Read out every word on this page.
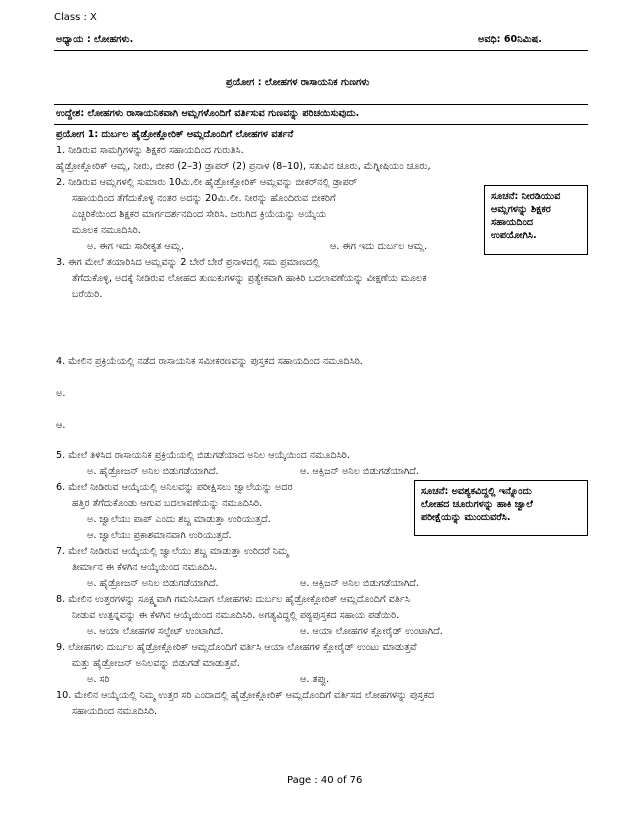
Class : X
ಅಧ್ಯಾಯ : ಲೋಹಗಳು.	ಅವಧಿ: 60ನಿಮಿಷ.
ಪ್ರಯೋಗ : ಲೋಹಗಳ ರಾಸಾಯನಿಕ ಗುಣಗಳು
ಉದ್ದೇಶ: ಲೋಹಗಳು ರಾಸಾಯನಿಕವಾಗಿ ಆಮ್ಲಗಳೊಂದಿಗೆ ವರ್ತಿಸುವ ಗುಣವನ್ನು ಪರಿಚಯಿಸುವುದು.
ಪ್ರಯೋಗ 1: ದುರ್ಬಲ ಹೈಡ್ರೋಕ್ಲೋರಿಕ್ ಆಮ್ಲದೊಂದಿಗೆ ಲೋಹಗಳ ವರ್ತನೆ
1. ನೀಡಿರುವ ಸಾಮಗ್ರಿಗಳನ್ನು ಶಿಕ್ಷಕರ ಸಹಾಯದಿಂದ ಗುರುತಿಸಿ.
ಹೈಡ್ರೋಕ್ಲೋರಿಕ್ ಆಮ್ಲ, ನೀರು, ಬೀಕರ (2–3) ಡ್ರಾಪರ್ (2) ಪ್ರನಾಳ (8–10), ಸತುವಿನ ಚೂರು, ಮೆಗ್ನೀಷಿಯಂ ಚೂರು,
2. ನೀಡಿರುವ ಆಮ್ಲಗಳಲ್ಲಿ ಸುಮಾರು 10ಮಿ.ಲೀ ಹೈಡ್ರೋಕ್ಲೋರಿಕ್ ಆಮ್ಲವನ್ನು ಬೀಕರ್‌ನಲ್ಲಿ ಡ್ರಾಪರ್
ಸಹಾಯದಿಂದ ತೆಗೆದುಕೊಳ್ಳಿ ನಂತರ ಅದನ್ನು 20ಮಿ.ಲೀ. ನೀರನ್ನು ಹೊಂದಿರುವ ಬೀಕರಿಗೆ
ಎಚ್ಚರಿಕೆಯಿಂದ ಶಿಕ್ಷಕರ ಮಾರ್ಗದರ್ಶನದಿಂದ ಸೇರಿಸಿ. ಜರುಗಿದ ಕ್ರಿಯೆಯನ್ನು ಅಯ್ಕೆಯ
ಮೂಲಕ ನಮೂದಿಸಿರಿ.
ಅ. ಈಗ ಇದು ಸಾರೀಕೃತ ಆಮ್ಲ.	ಆ. ಈಗ ಇದು ದುರ್ಬಲ ಆಮ್ಲ.
ಸೂಚನೆ: ನೀರಡಿಯುವ
ಆಮ್ಲಗಳನ್ನು ಶಿಕ್ಷಕರ
ಸಹಾಯದಿಂದ
ಉಪಯೋಗಿಸಿ.
3. ಈಗ ಮೇಲೆ ತಯಾರಿಸಿದ ಆಮ್ಲವನ್ನು 2 ಬೇರೆ ಬೇರೆ ಪ್ರನಾಳದಲ್ಲಿ ಸಮ ಪ್ರಮಾಣದಲ್ಲಿ
ತೆಗೆದುಕೊಳ್ಳಿ, ಅದಕ್ಕೆ ನೀಡಿರುವ ಲೋಹದ ತುಣುಕುಗಳನ್ನು ಪ್ರತ್ಯೇಕವಾಗಿ ಹಾಕಿರಿ ಬದಲಾವಣೆಯನ್ನು ವೀಕ್ಷಣೆಯ ಮೂಲಕ
ಬರೆಯಿರಿ.
4. ಮೇಲಿನ ಪ್ರಕ್ರಿಯೆಯಲ್ಲಿ ನಡೆದ ರಾಸಾಯನಿಕ ಸಮೀಕರಣವನ್ನು ಪುಸ್ತಕದ ಸಹಾಯದಿಂದ ನಮೂದಿಸಿರಿ.
ಅ.
ಆ.
5. ಮೇಲೆ ತಿಳಿಸಿದ ರಾಸಾಯನಿಕ ಪ್ರಕ್ರಿಯೆಯಲ್ಲಿ ಬಿಡುಗಡೆಯಾದ ಅನಿಲ ಆಯ್ಕೆಯಿಂದ ನಮೂದಿಸಿರಿ.
ಅ. ಹೈಡ್ರೋಜನ್ ಅನಿಲ ಬಿಡುಗಡೆಯಾಗಿದೆ.	ಆ. ಆಕ್ಸಿಜನ್ ಅನಿಲ ಬಿಡುಗಡೆಯಾಗಿದೆ.
6. ಮೇಲೆ ನೀಡಿರುವ ಆಯ್ಕೆಯಲ್ಲಿ ಅನಿಲವನ್ನು ಪರೀಕ್ಷಿಸಲು ಜ್ವಾಲೆಯನ್ನು ಅದರ
ಹತ್ತಿರ ತೆಗೆದುಕೊಂಡು ಆಗುವ ಬದಲಾವಣೆಯನ್ನು ನಮೂದಿಸಿರಿ.
ಅ. ಜ್ವಾಲೆಯು ಪಾಪ್ ಎಂದು ಶಬ್ದ ಮಾಡುತ್ತಾ ಉರಿಯುತ್ತದೆ.
ಆ. ಜ್ವಾಲೆಯು ಪ್ರಕಾಶಮಾನವಾಗಿ ಉರಿಯುತ್ತದೆ.
ಸೂಚನೆ: ಅವಶ್ಯಕವಿದ್ದಲ್ಲಿ ಇನ್ನೊಂದು
ಲೋಹದ ಚೂರುಗಳನ್ನು ಹಾಕಿ ಜ್ವಾಲೆ
ಪರೀಕ್ಷೆಯನ್ನು ಮುಂದುವರೆಸಿ.
7. ಮೇಲೆ ನೀಡಿರುವ ಆಯ್ಕೆಯಲ್ಲಿ ಜ್ವಾಲೆಯು ಶಬ್ದ ಮಾಡುತ್ತಾ ಉರಿದರೆ ನಿಮ್ಮ
ತೀರ್ಮಾನ ಈ ಕೆಳಗಿನ ಆಯ್ಕೆಯಿಂದ ನಮೂದಿಸಿ.
ಅ. ಹೈಡ್ರೋಜನ್ ಅನಿಲ ಬಿಡುಗಡೆಯಾಗಿದೆ.	ಆ. ಆಕ್ಸಿಜನ್ ಅನಿಲ ಬಿಡುಗಡೆಯಾಗಿದೆ.
8. ಮೇಲಿನ ಉತ್ತರಗಳನ್ನು ಸೂಕ್ಷ್ಮವಾಗಿ ಗಮನಿಸಿದಾಗ ಲೋಹಗಳು ದುರ್ಬಲ ಹೈಡ್ರೋಕ್ಲೋರಿಕ್ ಆಮ್ಲದೊಂದಿಗೆ ವರ್ತಿಸಿ
ನೀಡುವ ಉತ್ಪನ್ನವನ್ನು ಈ ಕೆಳಗಿನ ಆಯ್ಕೆಯಿಂದ ನಮೂದಿಸಿರಿ. ಅಗತ್ಯವಿದ್ದಲ್ಲಿ ಪಠ್ಯಪುಸ್ತಕದ ಸಹಾಯ ಪಡೆಯಿರಿ.
ಅ. ಆಯಾ ಲೋಹಗಳ ಸಲ್ಫೇಟ್ ಉಂಟಾಗಿದೆ.	ಆ. ಆಯಾ ಲೋಹಗಳ ಕ್ಲೋರೈಡ್ ಉಂಟಾಗಿದೆ.
9. ಲೋಹಗಳು ದುರ್ಬಲ ಹೈಡ್ರೋಕ್ಲೋರಿಕ್ ಆಮ್ಲದೊಂದಿಗೆ ವರ್ತಿಸಿ ಆಯಾ ಲೋಹಗಳ ಕ್ಲೋರೈಡ್ ಉಂಟು ಮಾಡುತ್ತವೆ
ಮತ್ತು ಹೈಡ್ರೋಜನ್ ಅನಿಲವನ್ನು ಬಿಡುಗಡೆ ಮಾಡುತ್ತವೆ.
ಅ. ಸರಿ	ಆ. ತಪ್ಪು.
10. ಮೇಲಿನ ಆಯ್ಕೆಯಲ್ಲಿ ನಿಮ್ಮ ಉತ್ತರ ಸರಿ ಎಂದಾದಲ್ಲಿ ಹೈಡ್ರೋಕ್ಲೋರಿಕ್ ಆಮ್ಲದೊಂದಿಗೆ ವರ್ತಿಸದ ಲೋಹಗಳನ್ನು ಪುಸ್ತಕದ
ಸಹಾಯದಿಂದ ನಮೂದಿಸಿರಿ.
Page : 40 of 76
